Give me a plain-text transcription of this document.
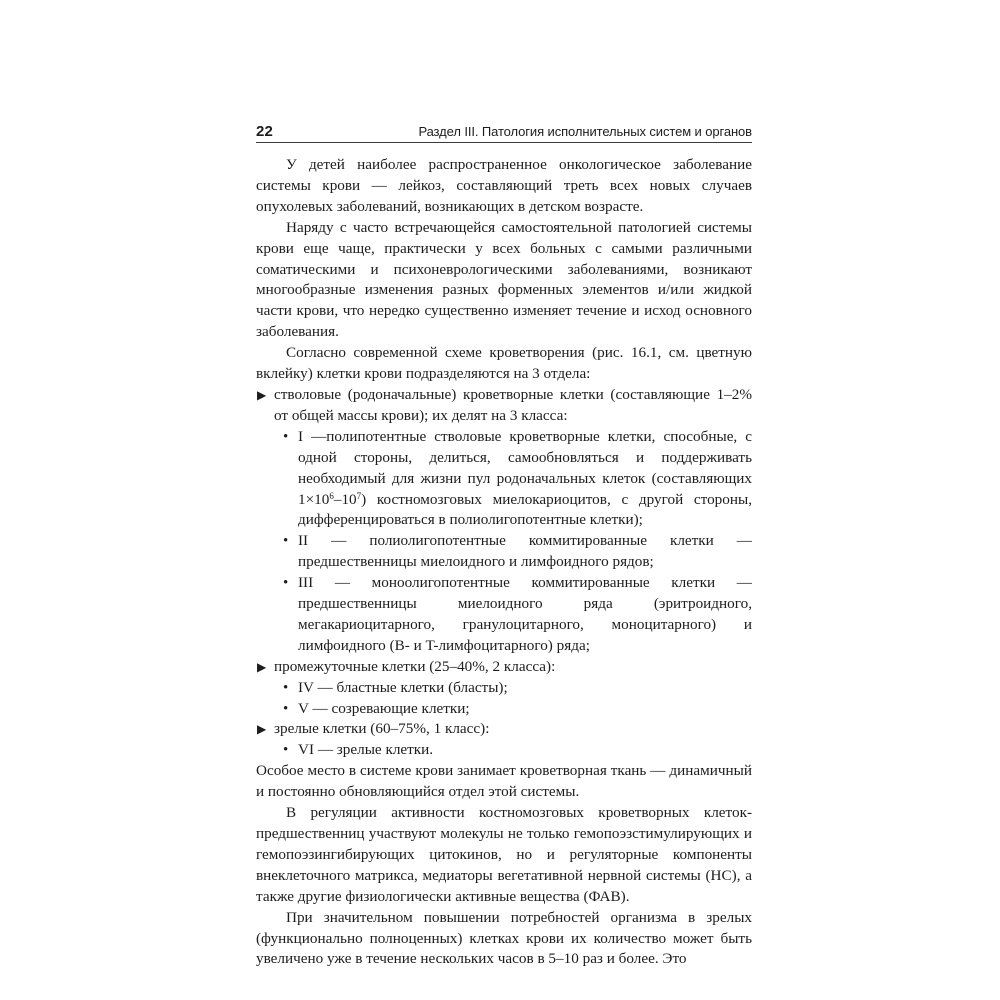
22	Раздел III. Патология исполнительных систем и органов

У детей наиболее распространенное онкологическое заболевание системы крови — лейкоз, составляющий треть всех новых случаев опухолевых заболеваний, возникающих в детском возрасте.

Наряду с часто встречающейся самостоятельной патологией системы крови еще чаще, практически у всех больных с самыми различными соматическими и психоневрологическими заболеваниями, возникают многообразные изменения разных форменных элементов и/или жидкой части крови, что нередко существенно изменяет течение и исход основного заболевания.

Согласно современной схеме кроветворения (рис. 16.1, см. цветную вклейку) клетки крови подразделяются на 3 отдела:

▶ стволовые (родоначальные) кроветворные клетки (составляющие 1–2% от общей массы крови); их делят на 3 класса:
• I —полипотентные стволовые кроветворные клетки, способные, с одной стороны, делиться, самообновляться и поддерживать необходимый для жизни пул родоначальных клеток (составляющих $1\times 10^6-10^7$) костномозговых миелокариоцитов, с другой стороны, дифференцироваться в полиолигопотентные клетки);
• II — полиолигопотентные коммитированные клетки — предшественницы миелоидного и лимфоидного рядов;
• III — моноолигопотентные коммитированные клетки — предшественницы миелоидного ряда (эритроидного, мегакариоцитарного, гранулоцитарного, моноцитарного) и лимфоидного (B- и T-лимфоцитарного) ряда;
▶ промежуточные клетки (25–40%, 2 класса):
• IV — бластные клетки (бласты);
• V — созревающие клетки;
▶ зрелые клетки (60–75%, 1 класс):
• VI — зрелые клетки.

Особое место в системе крови занимает кроветворная ткань — динамичный и постоянно обновляющийся отдел этой системы.

В регуляции активности костномозговых кроветворных клеток-предшественниц участвуют молекулы не только гемопоэзстимулирующих и гемопоэзингибирующих цитокинов, но и регуляторные компоненты внеклеточного матрикса, медиаторы вегетативной нервной системы (НС), а также другие физиологически активные вещества (ФАВ).

При значительном повышении потребностей организма в зрелых (функционально полноценных) клетках крови их количество может быть увеличено уже в течение нескольких часов в 5–10 раз и более. Это
